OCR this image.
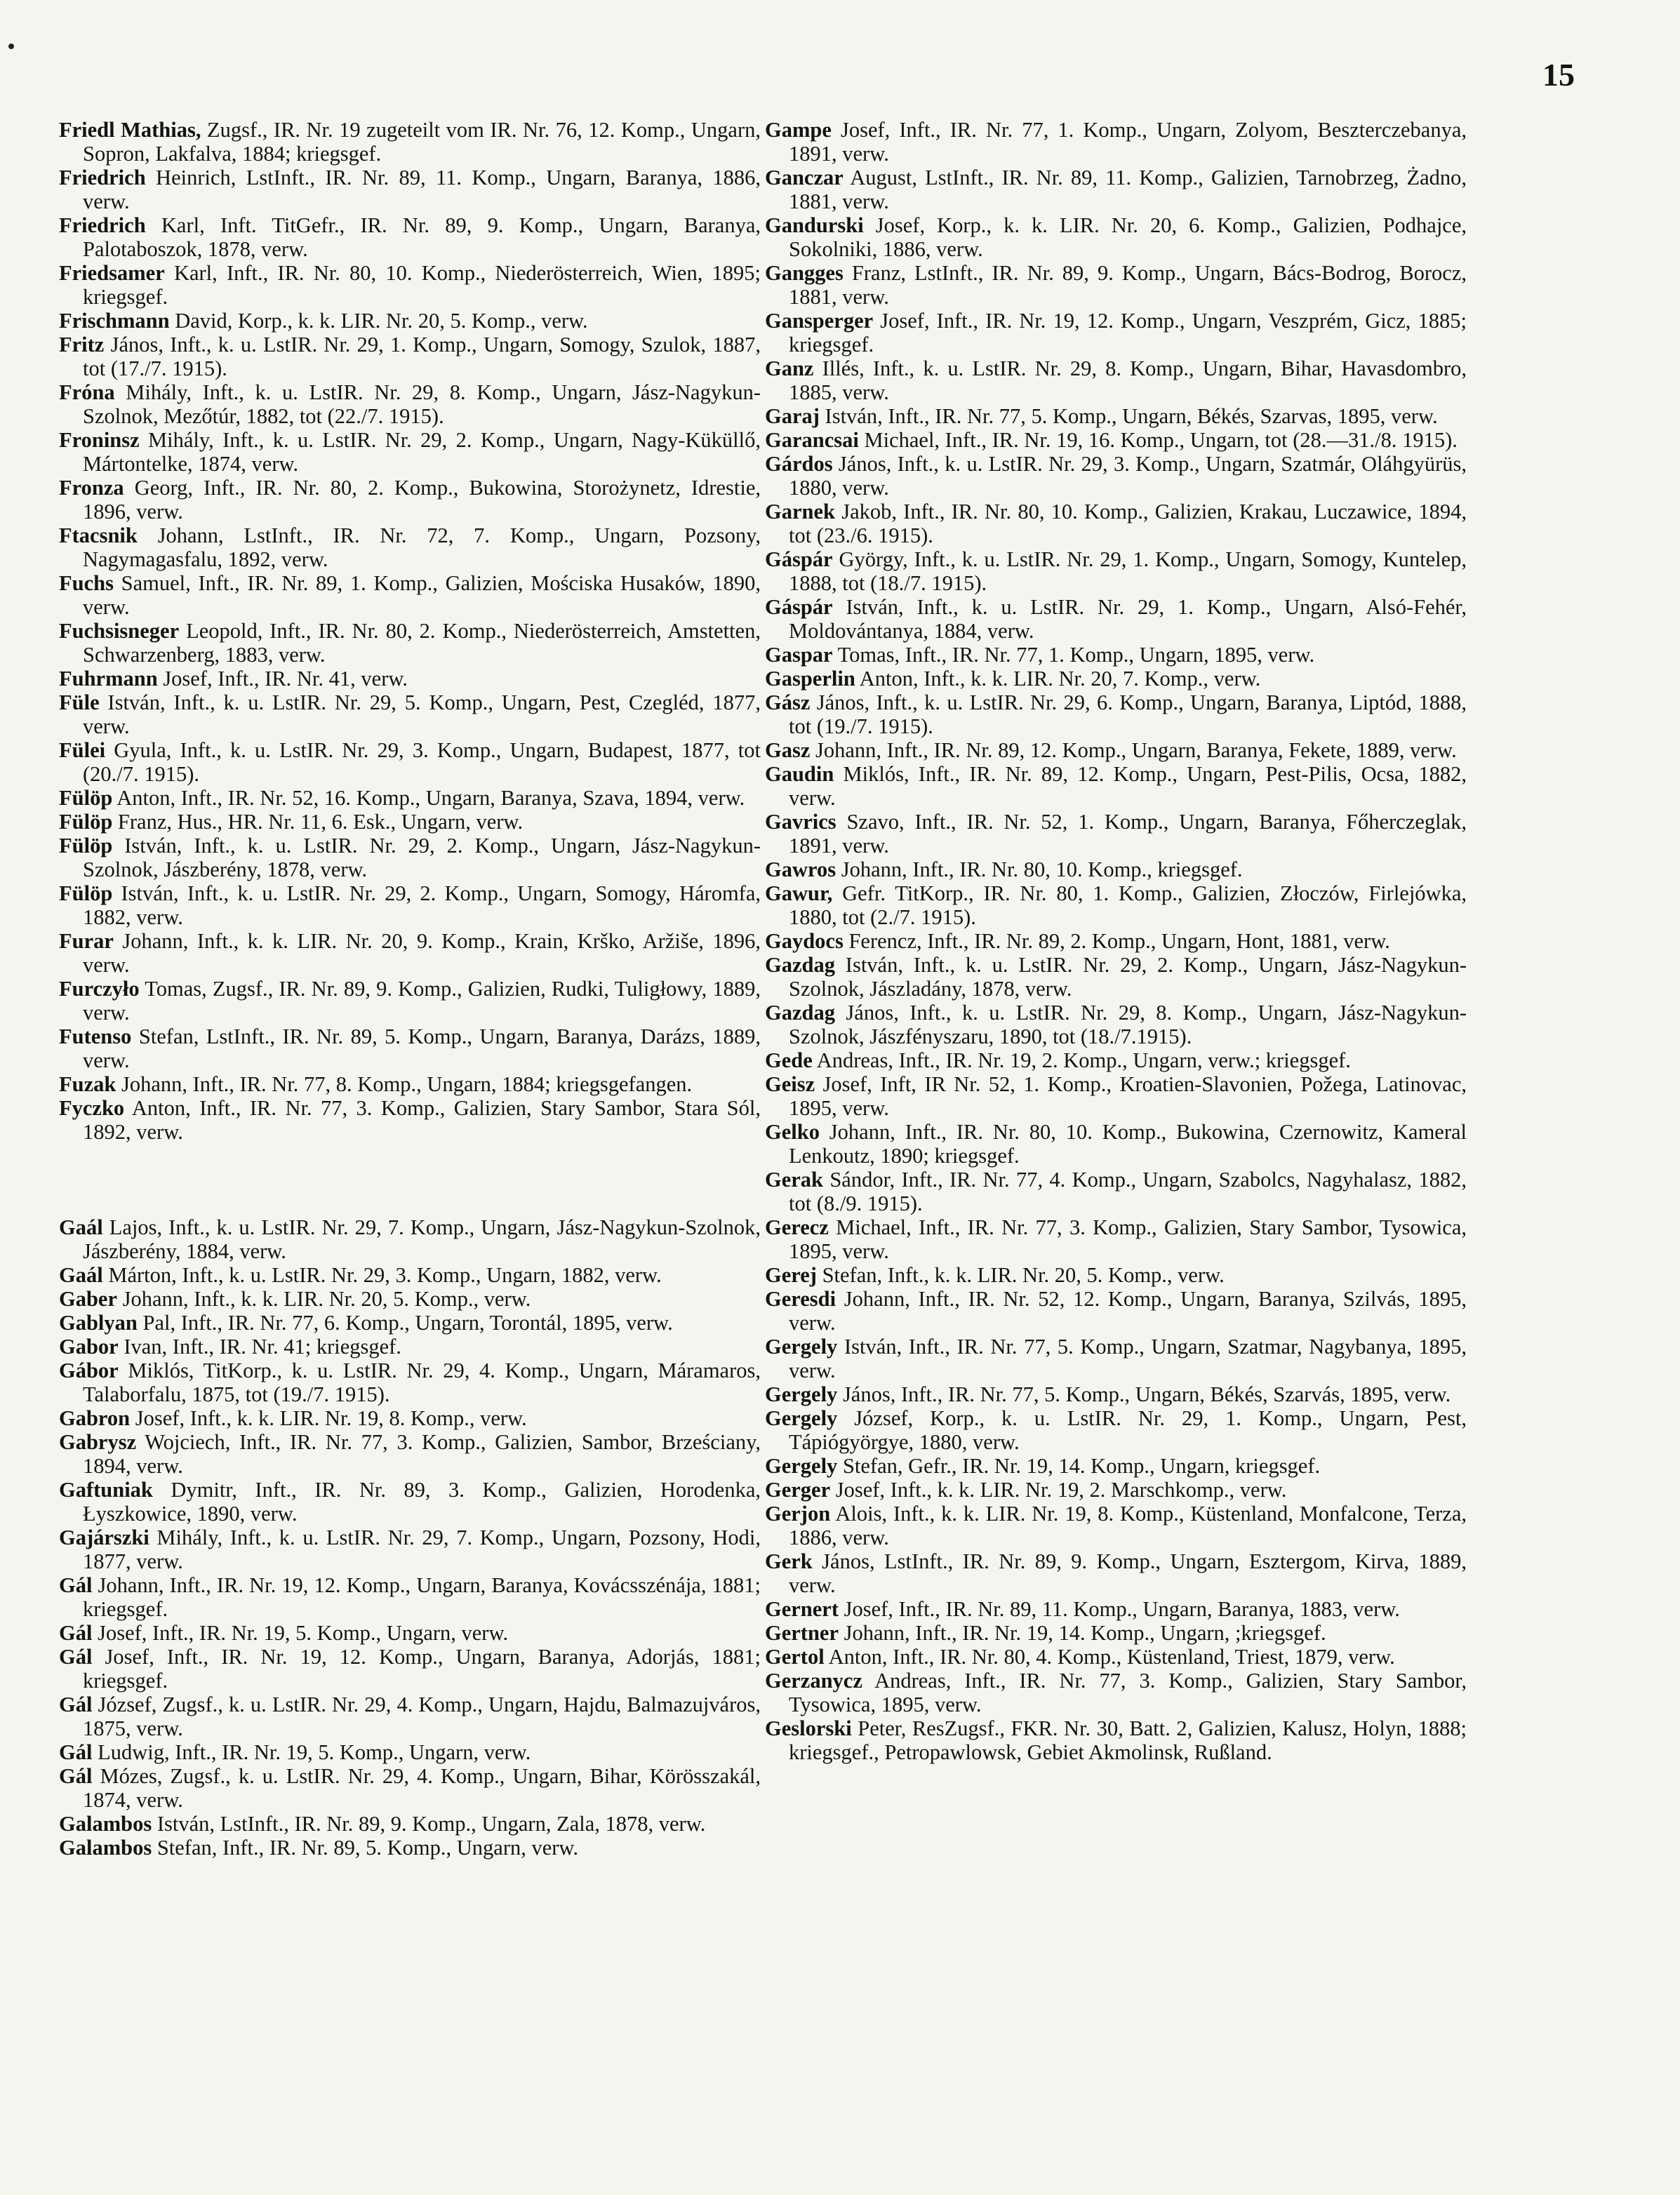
15

Friedl Mathias, Zugsf., IR. Nr. 19 zugeteilt vom IR. Nr. 76, 12. Komp., Ungarn, Sopron, Lakfalva, 1884; kriegsgef.

Friedrich Heinrich, LstInft., IR. Nr. 89, 11. Komp., Ungarn, Baranya, 1886, verw.

Friedrich Karl, Inft. TitGefr., IR. Nr. 89, 9. Komp., Ungarn, Baranya, Palotaboszok, 1878, verw.

Friedsamer Karl, Inft., IR. Nr. 80, 10. Komp., Niederösterreich, Wien, 1895; kriegsgef.

Frischmann David, Korp., k. k. LIR. Nr. 20, 5. Komp., verw.

Fritz János, Inft., k. u. LstIR. Nr. 29, 1. Komp., Ungarn, Somogy, Szulok, 1887, tot (17./7. 1915).

Fróna Mihály, Inft., k. u. LstIR. Nr. 29, 8. Komp., Ungarn, Jász-Nagykun-Szolnok, Mezőtúr, 1882, tot (22./7. 1915).

Froninsz Mihály, Inft., k. u. LstIR. Nr. 29, 2. Komp., Ungarn, Nagy-Küküllő, Mártontelke, 1874, verw.

Fronza Georg, Inft., IR. Nr. 80, 2. Komp., Bukowina, Storożynetz, Idrestie, 1896, verw.

Ftacsnik Johann, LstInft., IR. Nr. 72, 7. Komp., Ungarn, Pozsony, Nagymagasfalu, 1892, verw.

Fuchs Samuel, Inft., IR. Nr. 89, 1. Komp., Galizien, Mościska Husaków, 1890, verw.

Fuchsisneger Leopold, Inft., IR. Nr. 80, 2. Komp., Niederösterreich, Amstetten, Schwarzenberg, 1883, verw.

Fuhrmann Josef, Inft., IR. Nr. 41, verw.

Füle István, Inft., k. u. LstIR. Nr. 29, 5. Komp., Ungarn, Pest, Czegléd, 1877, verw.

Fülei Gyula, Inft., k. u. LstIR. Nr. 29, 3. Komp., Ungarn, Budapest, 1877, tot (20./7. 1915).

Fülöp Anton, Inft., IR. Nr. 52, 16. Komp., Ungarn, Baranya, Szava, 1894, verw.

Fülöp Franz, Hus., HR. Nr. 11, 6. Esk., Ungarn, verw.

Fülöp István, Inft., k. u. LstIR. Nr. 29, 2. Komp., Ungarn, Jász-Nagykun-Szolnok, Jászberény, 1878, verw.

Fülöp István, Inft., k. u. LstIR. Nr. 29, 2. Komp., Ungarn, Somogy, Háromfa, 1882, verw.

Furar Johann, Inft., k. k. LIR. Nr. 20, 9. Komp., Krain, Krško, Aržiše, 1896, verw.

Furczyło Tomas, Zugsf., IR. Nr. 89, 9. Komp., Galizien, Rudki, Tuligłowy, 1889, verw.

Futenso Stefan, LstInft., IR. Nr. 89, 5. Komp., Ungarn, Baranya, Darázs, 1889, verw.

Fuzak Johann, Inft., IR. Nr. 77, 8. Komp., Ungarn, 1884; kriegsgefangen.

Fyczko Anton, Inft., IR. Nr. 77, 3. Komp., Galizien, Stary Sambor, Stara Sól, 1892, verw.

Gaál Lajos, Inft., k. u. LstIR. Nr. 29, 7. Komp., Ungarn, Jász-Nagykun-Szolnok, Jászberény, 1884, verw.

Gaál Márton, Inft., k. u. LstIR. Nr. 29, 3. Komp., Ungarn, 1882, verw.

Gaber Johann, Inft., k. k. LIR. Nr. 20, 5. Komp., verw.

Gablyan Pal, Inft., IR. Nr. 77, 6. Komp., Ungarn, Torontál, 1895, verw.

Gabor Ivan, Inft., IR. Nr. 41; kriegsgef.

Gábor Miklós, TitKorp., k. u. LstIR. Nr. 29, 4. Komp., Ungarn, Máramaros, Talaborfalu, 1875, tot (19./7. 1915).

Gabron Josef, Inft., k. k. LIR. Nr. 19, 8. Komp., verw.

Gabrysz Wojciech, Inft., IR. Nr. 77, 3. Komp., Galizien, Sambor, Brześciany, 1894, verw.

Gaftuniak Dymitr, Inft., IR. Nr. 89, 3. Komp., Galizien, Horodenka, Łyszkowice, 1890, verw.

Gajárszki Mihály, Inft., k. u. LstIR. Nr. 29, 7. Komp., Ungarn, Pozsony, Hodi, 1877, verw.

Gál Johann, Inft., IR. Nr. 19, 12. Komp., Ungarn, Baranya, Kovácsszénája, 1881; kriegsgef.

Gál Josef, Inft., IR. Nr. 19, 5. Komp., Ungarn, verw.

Gál Josef, Inft., IR. Nr. 19, 12. Komp., Ungarn, Baranya, Adorjás, 1881; kriegsgef.

Gál József, Zugsf., k. u. LstIR. Nr. 29, 4. Komp., Ungarn, Hajdu, Balmazujváros, 1875, verw.

Gál Ludwig, Inft., IR. Nr. 19, 5. Komp., Ungarn, verw.

Gál Mózes, Zugsf., k. u. LstIR. Nr. 29, 4. Komp., Ungarn, Bihar, Körösszakál, 1874, verw.

Galambos István, LstInft., IR. Nr. 89, 9. Komp., Ungarn, Zala, 1878, verw.

Galambos Stefan, Inft., IR. Nr. 89, 5. Komp., Ungarn, verw.

Gampe Josef, Inft., IR. Nr. 77, 1. Komp., Ungarn, Zolyom, Beszterczebanya, 1891, verw.

Ganczar August, LstInft., IR. Nr. 89, 11. Komp., Galizien, Tarnobrzeg, Żadno, 1881, verw.

Gandurski Josef, Korp., k. k. LIR. Nr. 20, 6. Komp., Galizien, Podhajce, Sokolniki, 1886, verw.

Gangges Franz, LstInft., IR. Nr. 89, 9. Komp., Ungarn, Bács-Bodrog, Borocz, 1881, verw.

Gansperger Josef, Inft., IR. Nr. 19, 12. Komp., Ungarn, Veszprém, Gicz, 1885; kriegsgef.

Ganz Illés, Inft., k. u. LstIR. Nr. 29, 8. Komp., Ungarn, Bihar, Havasdombro, 1885, verw.

Garaj István, Inft., IR. Nr. 77, 5. Komp., Ungarn, Békés, Szarvas, 1895, verw.

Garancsai Michael, Inft., IR. Nr. 19, 16. Komp., Ungarn, tot (28.—31./8. 1915).

Gárdos János, Inft., k. u. LstIR. Nr. 29, 3. Komp., Ungarn, Szatmár, Oláhgyürüs, 1880, verw.

Garnek Jakob, Inft., IR. Nr. 80, 10. Komp., Galizien, Krakau, Luczawice, 1894, tot (23./6. 1915).

Gáspár György, Inft., k. u. LstIR. Nr. 29, 1. Komp., Ungarn, Somogy, Kuntelep, 1888, tot (18./7. 1915).

Gáspár István, Inft., k. u. LstIR. Nr. 29, 1. Komp., Ungarn, Alsó-Fehér, Moldovántanya, 1884, verw.

Gaspar Tomas, Inft., IR. Nr. 77, 1. Komp., Ungarn, 1895, verw.

Gasperlin Anton, Inft., k. k. LIR. Nr. 20, 7. Komp., verw.

Gász János, Inft., k. u. LstIR. Nr. 29, 6. Komp., Ungarn, Baranya, Liptód, 1888, tot (19./7. 1915).

Gasz Johann, Inft., IR. Nr. 89, 12. Komp., Ungarn, Baranya, Fekete, 1889, verw.

Gaudin Miklós, Inft., IR. Nr. 89, 12. Komp., Ungarn, Pest-Pilis, Ocsa, 1882, verw.

Gavrics Szavo, Inft., IR. Nr. 52, 1. Komp., Ungarn, Baranya, Főherczeglak, 1891, verw.

Gawros Johann, Inft., IR. Nr. 80, 10. Komp., kriegsgef.

Gawur, Gefr. TitKorp., IR. Nr. 80, 1. Komp., Galizien, Złoczów, Firlejówka, 1880, tot (2./7. 1915).

Gaydocs Ferencz, Inft., IR. Nr. 89, 2. Komp., Ungarn, Hont, 1881, verw.

Gazdag István, Inft., k. u. LstIR. Nr. 29, 2. Komp., Ungarn, Jász-Nagykun-Szolnok, Jászladány, 1878, verw.

Gazdag János, Inft., k. u. LstIR. Nr. 29, 8. Komp., Ungarn, Jász-Nagykun-Szolnok, Jászfényszaru, 1890, tot (18./7.1915).

Gede Andreas, Inft., IR. Nr. 19, 2. Komp., Ungarn, verw.; kriegsgef.

Geisz Josef, Inft, IR Nr. 52, 1. Komp., Kroatien-Slavonien, Požega, Latinovac, 1895, verw.

Gelko Johann, Inft., IR. Nr. 80, 10. Komp., Bukowina, Czernowitz, Kameral Lenkoutz, 1890; kriegsgef.

Gerak Sándor, Inft., IR. Nr. 77, 4. Komp., Ungarn, Szabolcs, Nagyhalasz, 1882, tot (8./9. 1915).

Gerecz Michael, Inft., IR. Nr. 77, 3. Komp., Galizien, Stary Sambor, Tysowica, 1895, verw.

Gerej Stefan, Inft., k. k. LIR. Nr. 20, 5. Komp., verw.

Geresdi Johann, Inft., IR. Nr. 52, 12. Komp., Ungarn, Baranya, Szilvás, 1895, verw.

Gergely István, Inft., IR. Nr. 77, 5. Komp., Ungarn, Szatmar, Nagybanya, 1895, verw.

Gergely János, Inft., IR. Nr. 77, 5. Komp., Ungarn, Békés, Szarvás, 1895, verw.

Gergely József, Korp., k. u. LstIR. Nr. 29, 1. Komp., Ungarn, Pest, Tápiógyörgye, 1880, verw.

Gergely Stefan, Gefr., IR. Nr. 19, 14. Komp., Ungarn, kriegsgef.

Gerger Josef, Inft., k. k. LIR. Nr. 19, 2. Marschkomp., verw.

Gerjon Alois, Inft., k. k. LIR. Nr. 19, 8. Komp., Küstenland, Monfalcone, Terza, 1886, verw.

Gerk János, LstInft., IR. Nr. 89, 9. Komp., Ungarn, Esztergom, Kirva, 1889, verw.

Gernert Josef, Inft., IR. Nr. 89, 11. Komp., Ungarn, Baranya, 1883, verw.

Gertner Johann, Inft., IR. Nr. 19, 14. Komp., Ungarn, ;kriegsgef.

Gertol Anton, Inft., IR. Nr. 80, 4. Komp., Küstenland, Triest, 1879, verw.

Gerzanycz Andreas, Inft., IR. Nr. 77, 3. Komp., Galizien, Stary Sambor, Tysowica, 1895, verw.

Geslorski Peter, ResZugsf., FKR. Nr. 30, Batt. 2, Galizien, Kalusz, Holyn, 1888; kriegsgef., Petropawlowsk, Gebiet Akmolinsk, Rußland.
